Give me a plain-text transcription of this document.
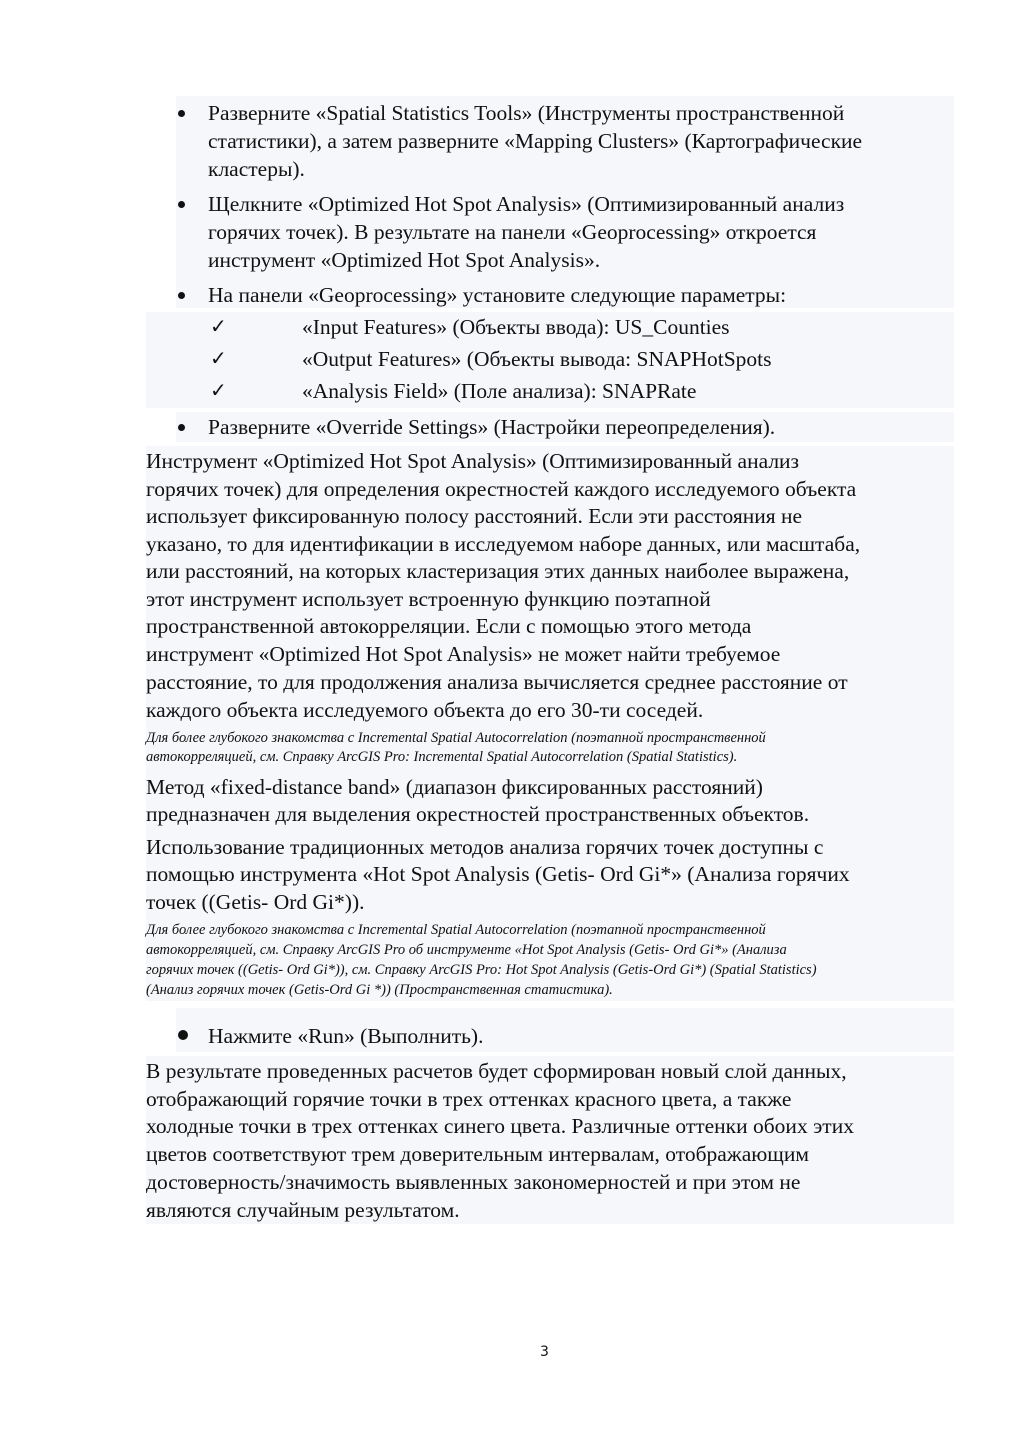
Разверните «Spatial Statistics Tools» (Инструменты пространственной
статистики), а затем разверните «Mapping Clusters» (Картографические
кластеры).
Щелкните «Optimized Hot Spot Analysis» (Оптимизированный анализ
горячих точек). В результате на панели «Geoprocessing» откроется
инструмент «Optimized Hot Spot Analysis».
На панели «Geoprocessing» установите следующие параметры:
✓	«Input Features» (Объекты ввода): US_Counties
✓	«Output Features» (Объекты вывода: SNAPHotSpots
✓	«Analysis Field» (Поле анализа): SNAPRate
Разверните «Override Settings» (Настройки переопределения).
Инструмент «Optimized Hot Spot Analysis» (Оптимизированный анализ
горячих точек) для определения окрестностей каждого исследуемого объекта
использует фиксированную полосу расстояний. Если эти расстояния не
указано, то для идентификации в исследуемом наборе данных, или масштаба,
или расстояний, на которых кластеризация этих данных наиболее выражена,
этот инструмент использует встроенную функцию поэтапной
пространственной автокорреляции. Если с помощью этого метода
инструмент «Optimized Hot Spot Analysis» не может найти требуемое
расстояние, то для продолжения анализа вычисляется среднее расстояние от
каждого объекта исследуемого объекта до его 30-ти соседей.
Для более глубокого знакомства с Incremental Spatial Autocorrelation (поэтапной пространственной
автокорреляцией, см. Справку ArcGIS Pro: Incremental Spatial Autocorrelation (Spatial Statistics).
Метод «fixed-distance band» (диапазон фиксированных расстояний)
предназначен для выделения окрестностей пространственных объектов.
Использование традиционных методов анализа горячих точек доступны с
помощью инструмента «Hot Spot Analysis (Getis- Ord Gi*» (Анализа горячих
точек ((Getis- Ord Gi*)).
Для более глубокого знакомства с Incremental Spatial Autocorrelation (поэтапной пространственной
автокорреляцией, см. Справку ArcGIS Pro об инструменте «Hot Spot Analysis (Getis- Ord Gi*» (Анализа
горячих точек ((Getis- Ord Gi*)), см. Справку ArcGIS Pro: Hot Spot Analysis (Getis-Ord Gi*) (Spatial Statistics)
(Анализ горячих точек (Getis-Ord Gi *)) (Пространственная статистика).
Нажмите «Run» (Выполнить).
В результате проведенных расчетов будет сформирован новый слой данных,
отображающий горячие точки в трех оттенках красного цвета, а также
холодные точки в трех оттенках синего цвета. Различные оттенки обоих этих
цветов соответствуют трем доверительным интервалам, отображающим
достоверность/значимость выявленных закономерностей и при этом не
являются случайным результатом.
3
